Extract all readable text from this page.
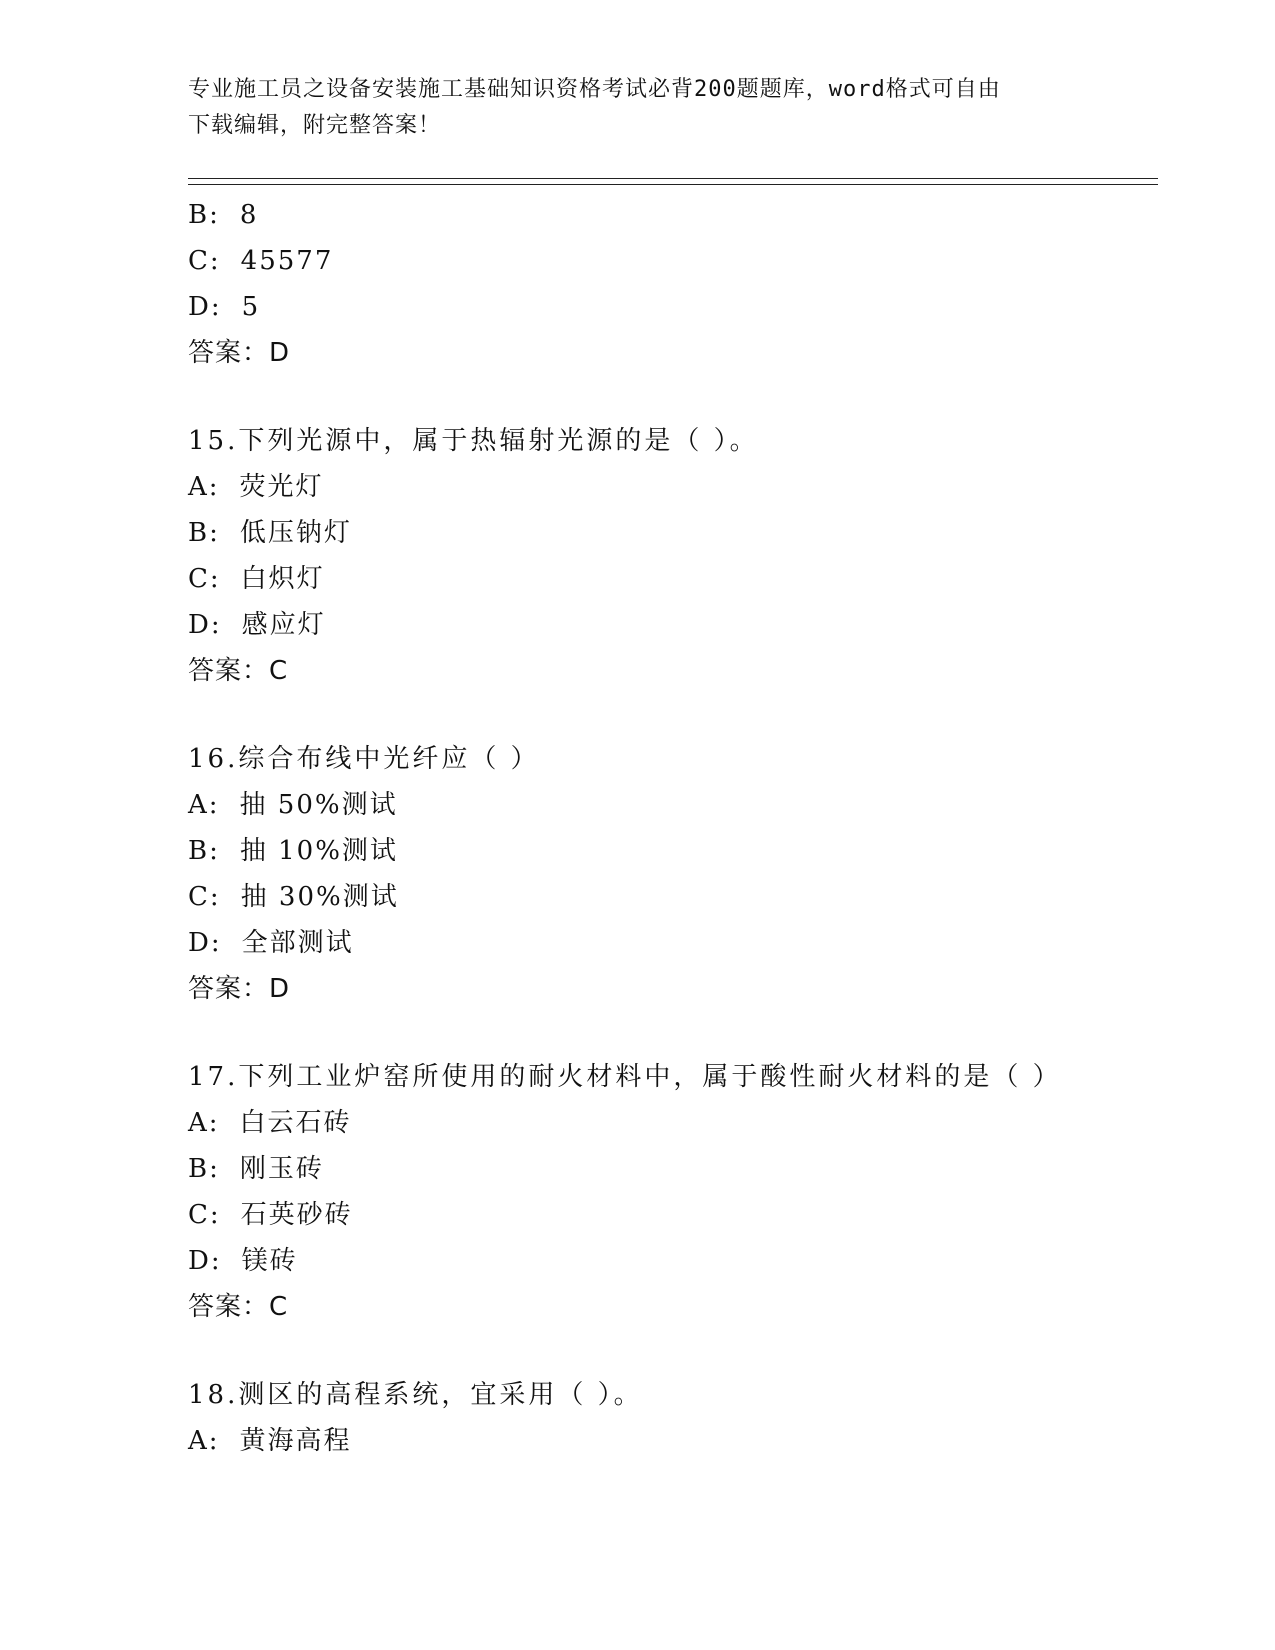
专业施工员之设备安装施工基础知识资格考试必背200题题库，word格式可自由
下载编辑，附完整答案！
B: 8
C: 45577
D: 5
答案：D
15.下列光源中，属于热辐射光源的是（ ）。
A: 荧光灯
B: 低压钠灯
C: 白炽灯
D: 感应灯
答案：C
16.综合布线中光纤应（ ）
A: 抽 50%测试
B: 抽 10%测试
C: 抽 30%测试
D: 全部测试
答案：D
17.下列工业炉窑所使用的耐火材料中，属于酸性耐火材料的是（ ）
A: 白云石砖
B: 刚玉砖
C: 石英砂砖
D: 镁砖
答案：C
18.测区的高程系统，宜采用（ ）。
A: 黄海高程
